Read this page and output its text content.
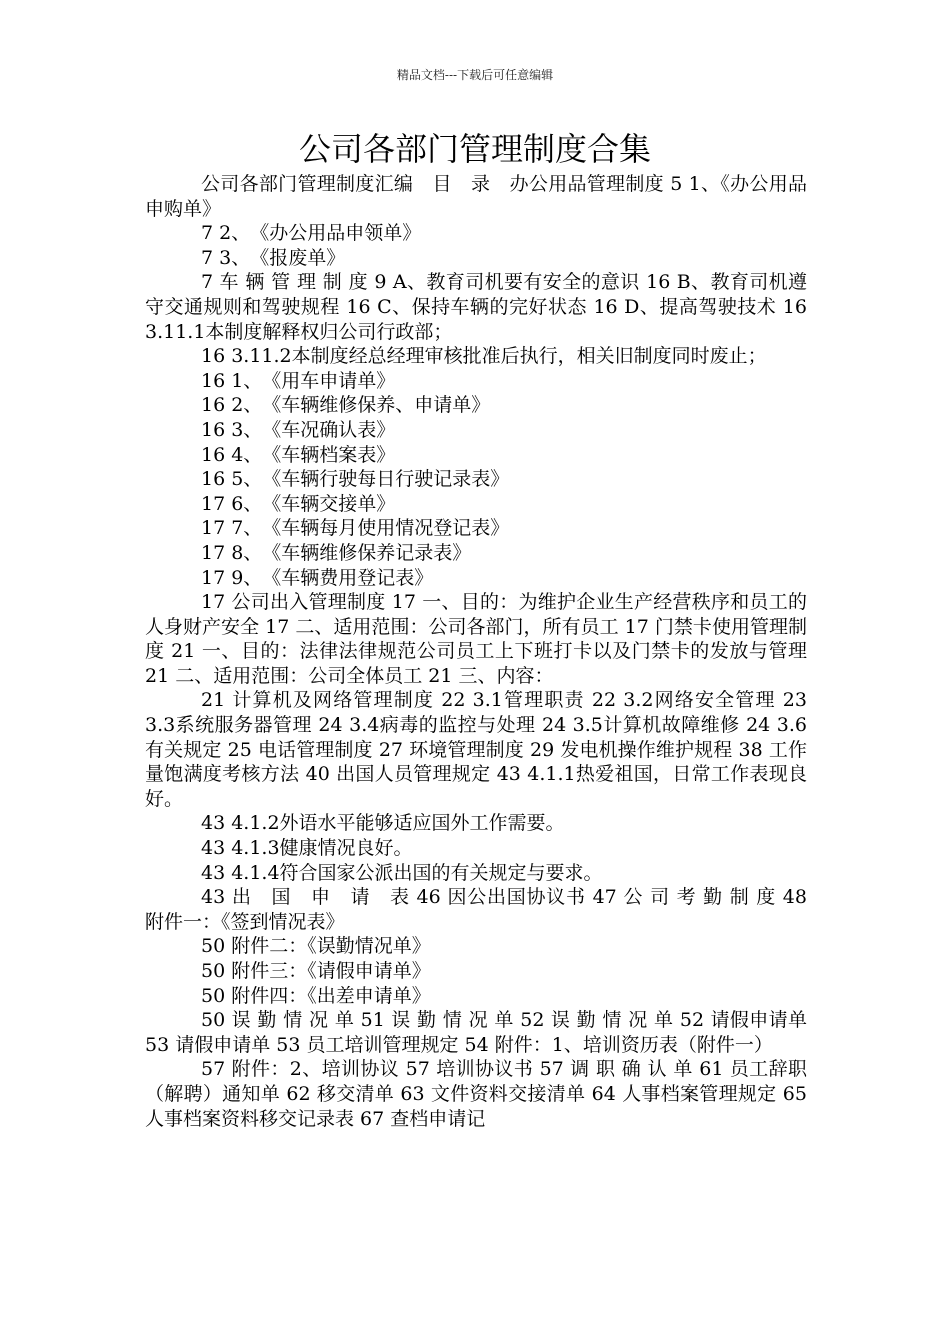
精品文档---下载后可任意编辑
公司各部门管理制度合集

公司各部门管理制度汇编　目　录　办公用品管理制度 5 1、《办公用品申购单》

7 2、　《办公用品申领单》

7 3、　《报废单》

7 车 辆 管 理 制 度 9 A、教育司机要有安全的意识 16 B、教育司机遵守交通规则和驾驶规程 16 C、保持车辆的完好状态 16 D、提高驾驶技术 16 3.11.1本制度解释权归公司行政部；

16 3.11.2本制度经总经理审核批准后执行，相关旧制度同时废止；

16 1、　《用车申请单》

16 2、　《车辆维修保养、申请单》

16 3、　《车况确认表》

16 4、　《车辆档案表》

16 5、　《车辆行驶每日行驶记录表》

17 6、　《车辆交接单》

17 7、　《车辆每月使用情况登记表》

17 8、　《车辆维修保养记录表》

17 9、　《车辆费用登记表》

17 公司出入管理制度 17 一、目的：为维护企业生产经营秩序和员工的人身财产安全 17 二、适用范围：公司各部门，所有员工 17 门禁卡使用管理制度 21 一、目的：法律法律规范公司员工上下班打卡以及门禁卡的发放与管理 21 二、适用范围：公司全体员工 21 三、内容：

21 计算机及网络管理制度 22 3.1管理职责 22 3.2网络安全管理 23 3.3系统服务器管理 24 3.4病毒的监控与处理 24 3.5计算机故障维修 24 3.6有关规定 25 电话管理制度 27 环境管理制度 29 发电机操作维护规程 38 工作量饱满度考核方法 40 出国人员管理规定 43 4.1.1热爱祖国，日常工作表现良好。

43 4.1.2外语水平能够适应国外工作需要。

43 4.1.3健康情况良好。

43 4.1.4符合国家公派出国的有关规定与要求。

43 出　国　申　请　表 46 因公出国协议书 47 公 司 考 勤 制 度 48 附件一：《签到情况表》

50 附件二：《误勤情况单》

50 附件三：《请假申请单》

50 附件四：《出差申请单》

50 误 勤 情 况 单 51 误 勤 情 况 单 52 误 勤 情 况 单 52 请假申请单 53 请假申请单 53 员工培训管理规定 54 附件：1、培训资历表（附件一）

57 附件：2、培训协议 57 培训协议书 57 调 职 确 认 单 61 员工辞职（解聘）通知单 62 移交清单 63 文件资料交接清单 64 人事档案管理规定 65 人事档案资料移交记录表 67 查档申请记
